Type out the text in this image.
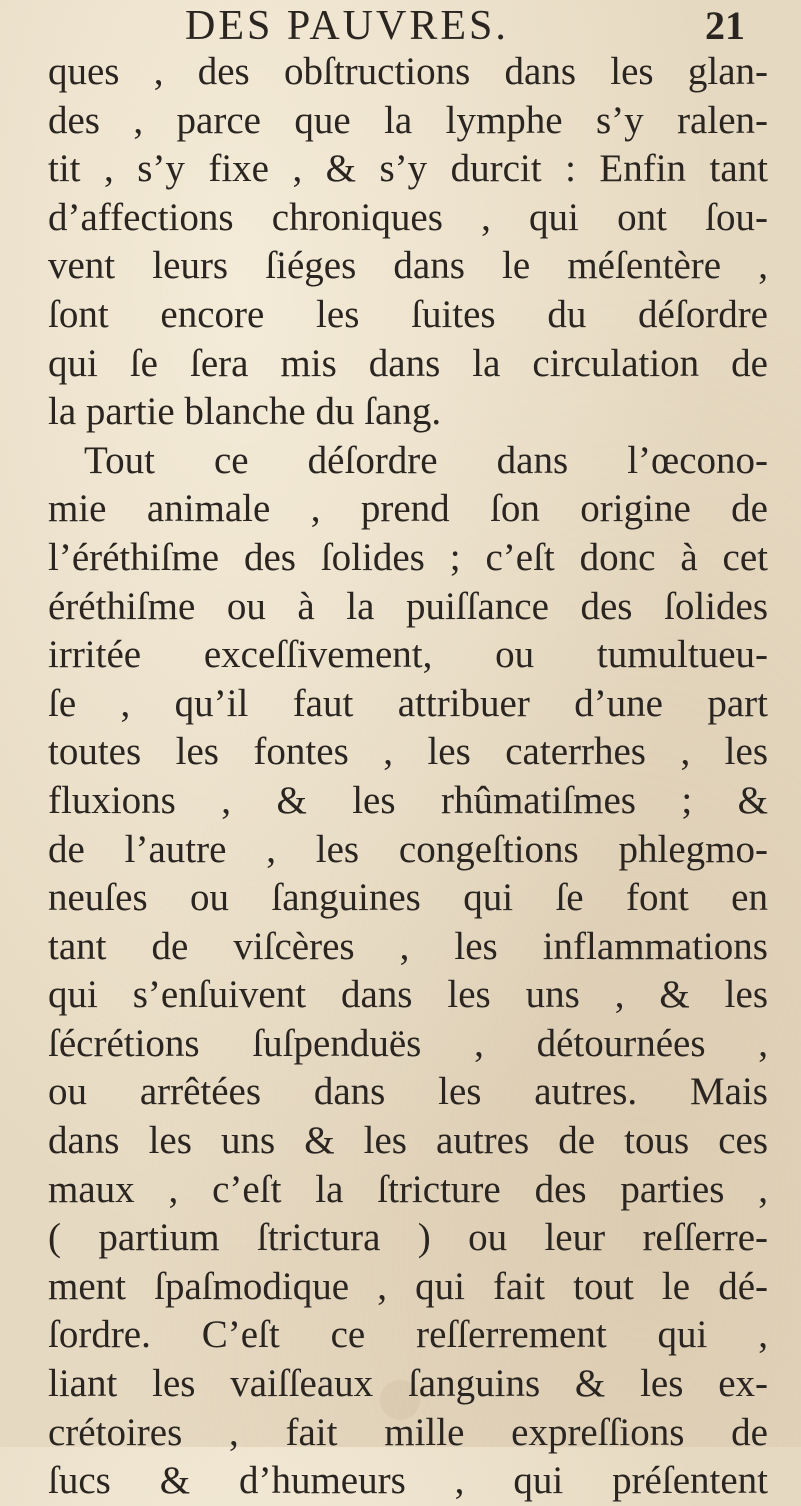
DES PAUVRES.	21
ques , des obſtructions dans les glan-
des , parce que la lymphe s’y ralen-
tit , s’y fixe , & s’y durcit : Enfin tant
d’affections chroniques , qui ont ſou-
vent leurs ſiéges dans le méſentère ,
ſont encore les ſuites du déſordre
qui ſe ſera mis dans la circulation de
la partie blanche du ſang.
Tout ce déſordre dans l’œcono-
mie animale , prend ſon origine de
l’éréthiſme des ſolides ; c’eſt donc à cet
éréthiſme ou à la puiſſance des ſolides
irritée exceſſivement, ou tumultueu-
ſe , qu’il faut attribuer d’une part
toutes les fontes , les caterrhes , les
fluxions , & les rhûmatiſmes ; &
de l’autre , les congeſtions phlegmo-
neuſes ou ſanguines qui ſe font en
tant de viſcères , les inflammations
qui s’enſuivent dans les uns , & les
ſécrétions ſuſpenduës , détournées ,
ou arrêtées dans les autres. Mais
dans les uns & les autres de tous ces
maux , c’eſt la ſtricture des parties ,
( partium ſtrictura ) ou leur reſſerre-
ment ſpaſmodique , qui fait tout le dé-
ſordre. C’eſt ce reſſerrement qui ,
liant les vaiſſeaux ſanguins & les ex-
crétoires , fait mille expreſſions de
ſucs & d’humeurs , qui préſentent
